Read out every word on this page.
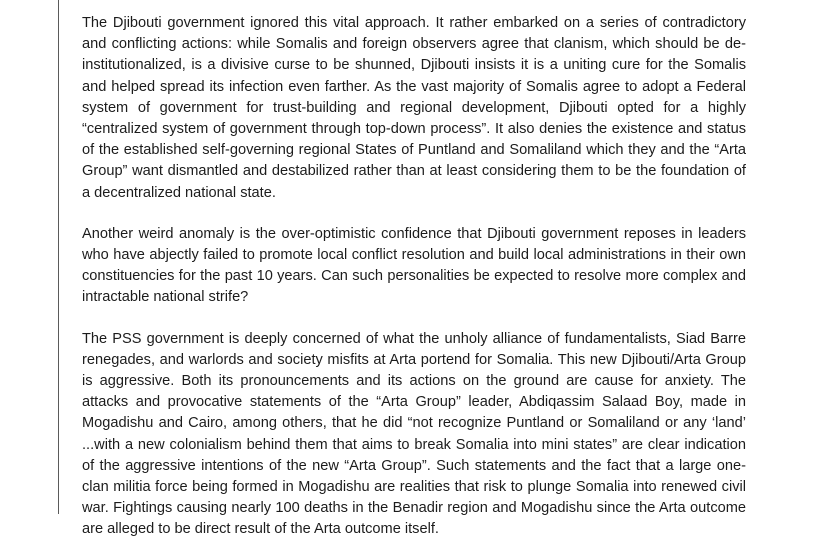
The Djibouti government ignored this vital approach. It rather embarked on a series of contradictory and conflicting actions: while Somalis and foreign observers agree that clanism, which should be de-institutionalized, is a divisive curse to be shunned, Djibouti insists it is a uniting cure for the Somalis and helped spread its infection even farther. As the vast majority of Somalis agree to adopt a Federal system of government for trust-building and regional development, Djibouti opted for a highly “centralized system of government through top-down process”. It also denies the existence and status of the established self-governing regional States of Puntland and Somaliland which they and the “Arta Group” want dismantled and destabilized rather than at least considering them to be the foundation of a decentralized national state.

Another weird anomaly is the over-optimistic confidence that Djibouti government reposes in leaders who have abjectly failed to promote local conflict resolution and build local administrations in their own constituencies for the past 10 years. Can such personalities be expected to resolve more complex and intractable national strife?

The PSS government is deeply concerned of what the unholy alliance of fundamentalists, Siad Barre renegades, and warlords and society misfits at Arta portend for Somalia. This new Djibouti/Arta Group is aggressive. Both its pronouncements and its actions on the ground are cause for anxiety. The attacks and provocative statements of the “Arta Group” leader, Abdiqassim Salaad Boy, made in Mogadishu and Cairo, among others, that he did “not recognize Puntland or Somaliland or any ‘land’ ...with a new colonialism behind them that aims to break Somalia into mini states” are clear indication of the aggressive intentions of the new “Arta Group”. Such statements and the fact that a large one-clan militia force being formed in Mogadishu are realities that risk to plunge Somalia into renewed civil war. Fightings causing nearly 100 deaths in the Benadir region and Mogadishu since the Arta outcome are alleged to be direct result of the Arta outcome itself.
